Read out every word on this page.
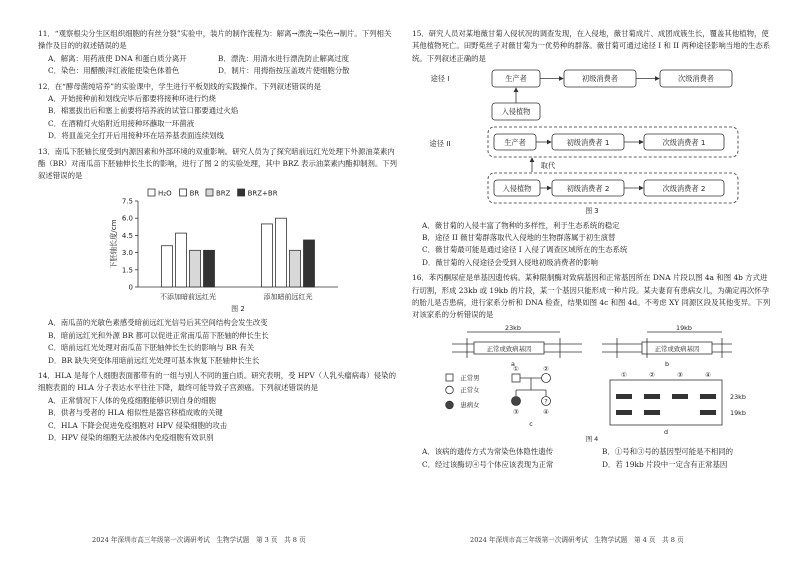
11．“观察根尖分生区组织细胞的有丝分裂”实验中，装片的制作流程为：解离→漂洗→染色→制片。下列相关操作及目的的叙述错误的是

A．解离：用药液使 DNA 和蛋白质分离开	B．漂洗：用清水进行漂洗防止解离过度

C．染色：用醋酸洋红液能使染色体着色	D．制片：用拇指按压盖玻片使细胞分散

12．在“酵母菌纯培养”的实验课中，学生进行平板划线的实践操作。下列叙述错误的是

A．开始接种前和划线完毕后都要将接种环进行灼烧

B．棉塞拔出后和塞上前要将培养液的试管口都要通过火焰

C．在酒精灯火焰附近用接种环蘸取一环菌液

D．将皿盖完全打开后用接种环在培养基表面连续划线

13．南瓜下胚轴长度受到内源因素和外部环境的双重影响。研究人员为了探究暗前远红光处理下外源油菜素内酯（BR）对南瓜苗下胚轴伸长生长的影响，进行了图 2 的实验处理，其中 BRZ 表示油菜素内酯抑制剂。下列叙述错误的是

0
1.5
3.0
4.5
6.0
7.5
下胚轴长度/cm
不添加暗前远红光	添加暗前远红光
H₂O	BR BRZ BRZ+BR
图 2

A．南瓜苗的光敏色素感受暗前远红光信号后其空间结构会发生改变

B．暗前远红光和外源 BR 都可以促进正常南瓜苗下胚轴的伸长生长

C．暗前远红光处理对南瓜苗下胚轴伸长生长的影响与 BR 有关

D．BR 缺失突变体用暗前远红光处理可基本恢复下胚轴伸长生长

14．HLA 是每个人细胞表面都带有的一组与别人不同的蛋白质。研究表明，受 HPV（人乳头瘤病毒）侵染的细胞表面的 HLA 分子表达水平往往下降，最终可能导致子宫颈癌。下列叙述错误的是

A．正常情况下人体的免疫细胞能够识别自身的细胞

B．供者与受者的 HLA 相似性是器官移植成败的关键

C．HLA 下降会促进免疫细胞对 HPV 侵染细胞的攻击

D．HPV 侵染的细胞无法被体内免疫细胞有效识别

2024 年深圳市高三年级第一次调研考试　生物学试题　第 3 页　共 8 页

15．研究人员对某地薇甘菊入侵状况的调查发现，在入侵地，薇甘菊成片、成团成簇生长，覆盖其他植物，使其他植物死亡。田野菟丝子对薇甘菊为一优势种的群落。薇甘菊可通过途径 I 和 II 两种途径影响当地的生态系统。下列叙述正确的是

途径 I	生产者	初级消费者	次级消费者
入侵植物
途径 II	生产者	初级消费者 1	次级消费者 1
取代
入侵植物	初级消费者 2	次级消费者 2
图 3

A．薇甘菊的入侵丰富了物种的多样性，利于生态系统的稳定

B．途径 II 薇甘菊群落取代入侵地的生物群落属于初生演替

C．薇甘菊最可能是通过途径 I 入侵了调查区域所在的生态系统

D．薇甘菊的入侵途径会受到入侵地初级消费者的影响

16．苯丙酮尿症是单基因遗传病。某种限制酶对致病基因和正常基因所在 DNA 片段以图 4a 和图 4b 方式进行切割，形成 23kb 或 19kb 的片段，某一个基因只能形成一种片段。某夫妻育有患病女儿，为确定再次怀孕的胎儿是否患病，进行家系分析和 DNA 检查，结果如图 4c 和图 4d。不考虑 XY 同源区段及其他变异。下列对该家系的分析错误的是

23kb
正常或致病基因
a
19kb
正常或致病基因
b
正常男
正常女
患病女
①	②
③	④
?
c
①	②	③	④
23kb
19kb
d
图 4

A．该病的遗传方式为常染色体隐性遗传	B．①号和③号的基因型可能是不相同的

C．经过该酶切④号个体应该表现为正常	D．若 19kb 片段中一定含有正常基因

2024 年深圳市高三年级第一次调研考试　生物学试题　第 4 页　共 8 页
